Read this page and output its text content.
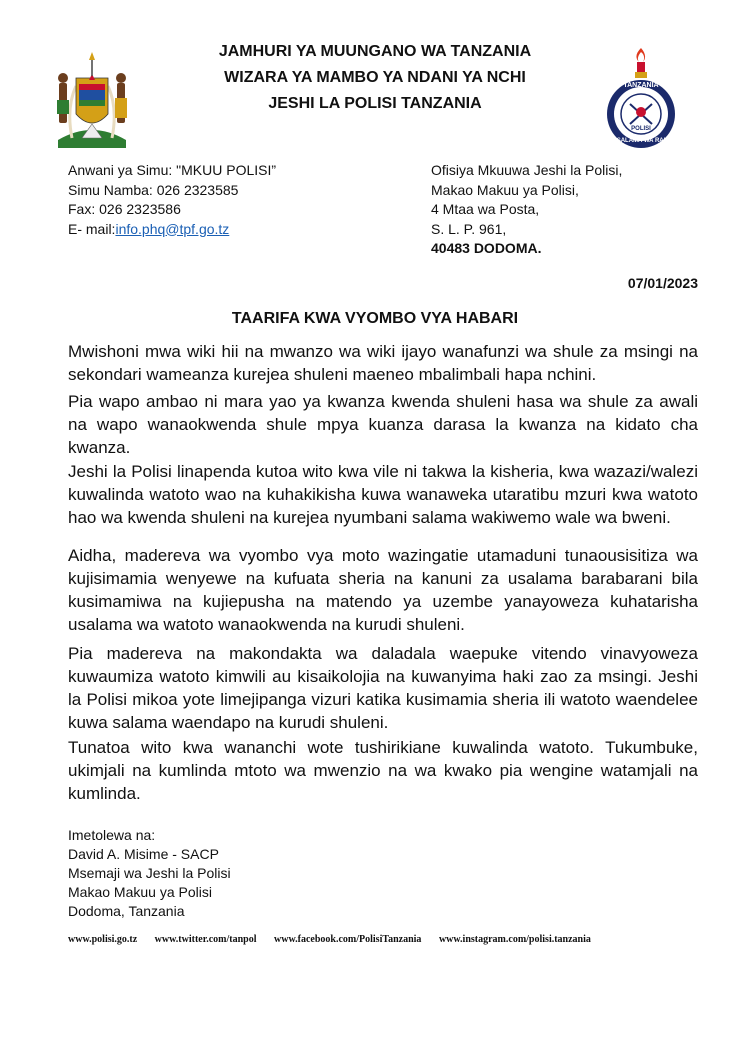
JAMHURI YA MUUNGANO WA TANZANIA
WIZARA YA MAMBO YA NDANI YA NCHI
JESHI LA POLISI TANZANIA
TANZANIA
POLISI
USALAMA WA RAIA
Anwani ya Simu: "MKUU POLISI”
Simu Namba: 026 2323585
Fax: 026 2323586
E- mail:info.phq@tpf.go.tz
Ofisiya Mkuuwa Jeshi la Polisi,
Makao Makuu ya Polisi,
4 Mtaa wa Posta,
S. L. P. 961,
40483 DODOMA.
07/01/2023
TAARIFA KWA VYOMBO VYA HABARI

Mwishoni mwa wiki hii na mwanzo wa wiki ijayo wanafunzi wa shule za msingi na sekondari wameanza kurejea shuleni maeneo mbalimbali hapa nchini.

Pia wapo ambao ni mara yao ya kwanza kwenda shuleni hasa wa shule za awali na wapo wanaokwenda shule mpya kuanza darasa la kwanza na kidato cha kwanza.

Jeshi la Polisi linapenda kutoa wito kwa vile ni takwa la kisheria, kwa wazazi/walezi kuwalinda watoto wao na kuhakikisha kuwa wanaweka utaratibu mzuri kwa watoto hao wa kwenda shuleni na kurejea nyumbani salama wakiwemo wale wa bweni.

Aidha, madereva wa vyombo vya moto wazingatie utamaduni tunaousisitiza wa kujisimamia wenyewe na kufuata sheria na kanuni za usalama barabarani bila kusimamiwa na kujiepusha na matendo ya uzembe yanayoweza kuhatarisha usalama wa watoto wanaokwenda na kurudi shuleni.

Pia madereva na makondakta wa daladala waepuke vitendo vinavyoweza kuwaumiza watoto kimwili au kisaikolojia na kuwanyima haki zao za msingi. Jeshi la Polisi mikoa yote limejipanga vizuri katika kusimamia sheria ili watoto waendelee kuwa salama waendapo na kurudi shuleni.

Tunatoa wito kwa wananchi wote tushirikiane kuwalinda watoto. Tukumbuke, ukimjali na kumlinda mtoto wa mwenzio na wa kwako pia wengine watamjali na kumlinda.

Imetolewa na:
David A. Misime - SACP
Msemaji wa Jeshi la Polisi
Makao Makuu ya Polisi
Dodoma, Tanzania
www.polisi.go.tz www.twitter.com/tanpol www.facebook.com/PolisiTanzania www.instagram.com/polisi.tanzania
